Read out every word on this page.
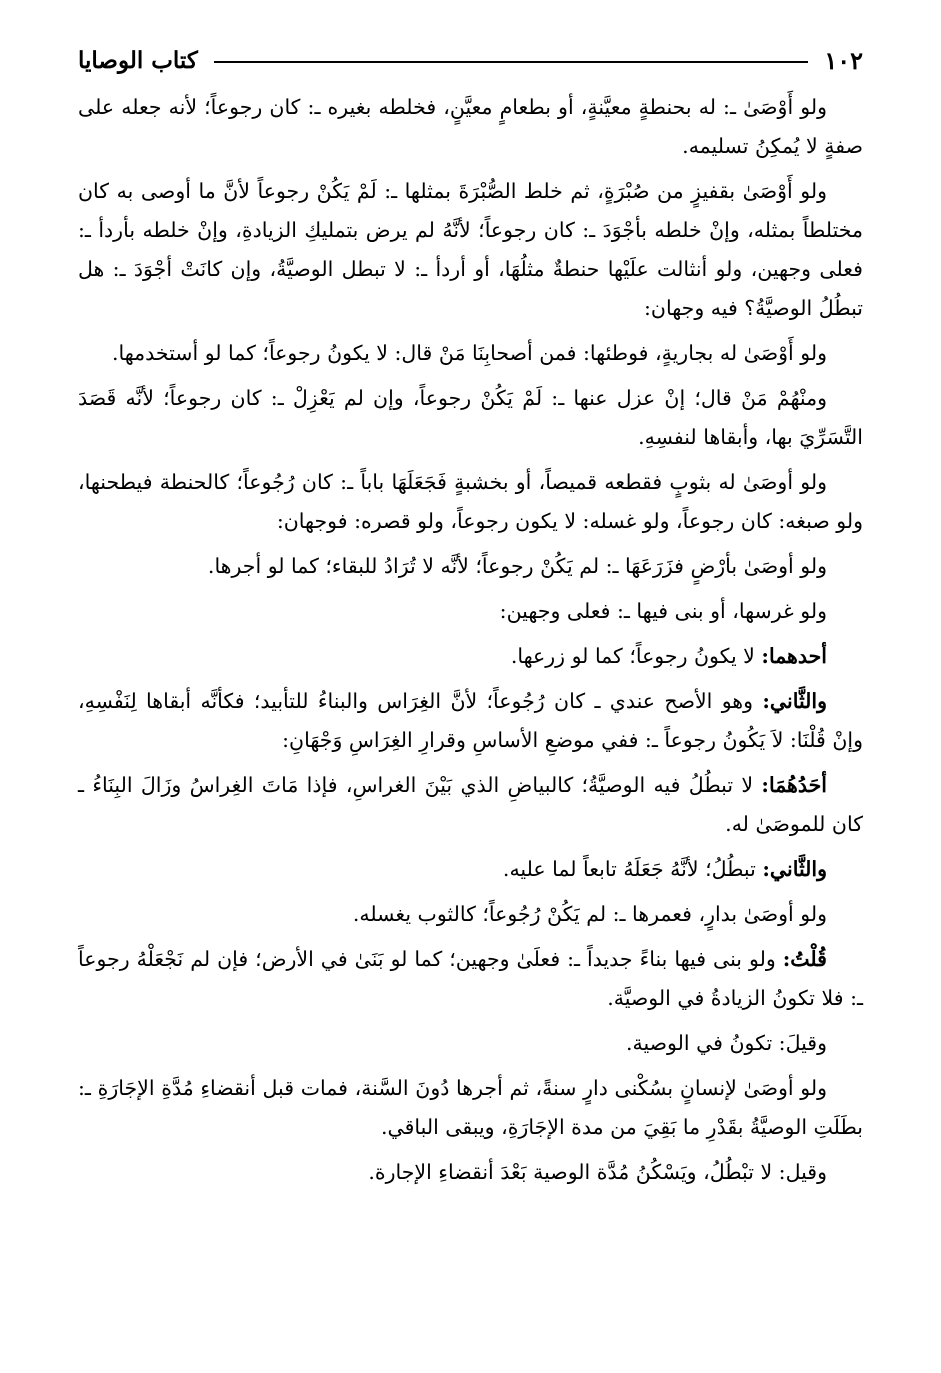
١٠٢
كتاب الوصايا

ولو أَوْصَىٰ ـ: له بحنطةٍ معيَّنةٍ، أو بطعامٍ معيَّنٍ، فخلطه بغيره ـ: كان رجوعاً؛ لأنه جعله على صفةٍ لا يُمكِنُ تسليمه.

ولو أَوْصَىٰ بقفيزٍ من صُبْرَةٍ، ثم خلط الصُّبْرَةَ بمثلها ـ: لَمْ يَكُنْ رجوعاً لأنَّ ما أوصى به كان مختلطاً بمثله، وإنْ خلطه بأجْوَدَ ـ: كان رجوعاً؛ لأنَّهُ لم يرض بتمليكِ الزيادةِ، وإنْ خلطه بأردأ ـ: فعلى وجهين، ولو أنثالت علَيْها حنطةٌ مثلُهَا، أو أردأ ـ: لا تبطل الوصيَّةُ، وإن كانَتْ أجْوَدَ ـ: هل تبطُلُ الوصيَّةُ؟ فيه وجهان:

ولو أَوْصَىٰ له بجاريةٍ، فوطئها: فمن أصحابِنَا مَنْ قال: لا يكونُ رجوعاً؛ كما لو أستخدمها.

ومنْهُمْ مَنْ قال؛ إنْ عزل عنها ـ: لَمْ يَكُنْ رجوعاً، وإن لم يَعْزِلْ ـ: كان رجوعاً؛ لأنَّه قَصَدَ التَّسَرِّيَ بها، وأبقاها لنفسِهِ.

ولو أوصَىٰ له بثوبٍ فقطعه قميصاً، أو بخشبةٍ فَجَعَلَهَا باباً ـ: كان رُجُوعاً؛ كالحنطة فيطحنها، ولو صبغه: كان رجوعاً، ولو غسله: لا يكون رجوعاً، ولو قصره: فوجهان:

ولو أوصَىٰ بأرْضٍ فزَرَعَهَا ـ: لم يَكُنْ رجوعاً؛ لأنَّه لا تُرَادُ للبقاء؛ كما لو أجرها.

ولو غرسها، أو بنى فيها ـ: فعلى وجهين:

أحدهما: لا يكونُ رجوعاً؛ كما لو زرعها.

والثَّاني: وهو الأصح عندي ـ كان رُجُوعاً؛ لأنَّ الغِرَاس والبناءُ للتأبيد؛ فكأنَّه أبقاها لِنَفْسِهِ، وإنْ قُلْنَا: لاَ يَكُونُ رجوعاً ـ: ففي موضعِ الأساسِ وقرارِ الغِرَاسِ وَجْهَانِ:

أحَدُهُمَا: لا تبطُلُ فيه الوصيَّةُ؛ كالبياضِ الذي بَيْنَ الغراسِ، فإذا مَاتَ الغِراسُ وزَالَ البِنَاءُ ـ كان للموصَىٰ له.

والثَّاني: تبطُلُ؛ لأنَّهُ جَعَلَهُ تابعاً لما عليه.

ولو أوصَىٰ بدارٍ، فعمرها ـ: لم يَكُنْ رُجُوعاً؛ كالثوب يغسله.

قُلْتُ: ولو بنى فيها بناءً جديداً ـ: فعلَىٰ وجهين؛ كما لو بَنَىٰ في الأرض؛ فإن لم نَجْعَلْهُ رجوعاً ـ: فلا تكونُ الزيادةُ في الوصيَّة.

وقيلَ: تكونُ في الوصية.

ولو أوصَىٰ لإنسانٍ بسُكْنى دارٍ سنةً، ثم أجرها دُونَ السَّنة، فمات قبل أنقضاءِ مُدَّةِ الإجَارَةِ ـ: بطَلَتِ الوصيَّةُ بقَدْرِ ما بَقِيَ من مدة الإجَارَةِ، ويبقى الباقي.

وقيل: لا تبْطُلُ، ويَسْكُنُ مُدَّة الوصية بَعْدَ أنقضاءِ الإجارة.
